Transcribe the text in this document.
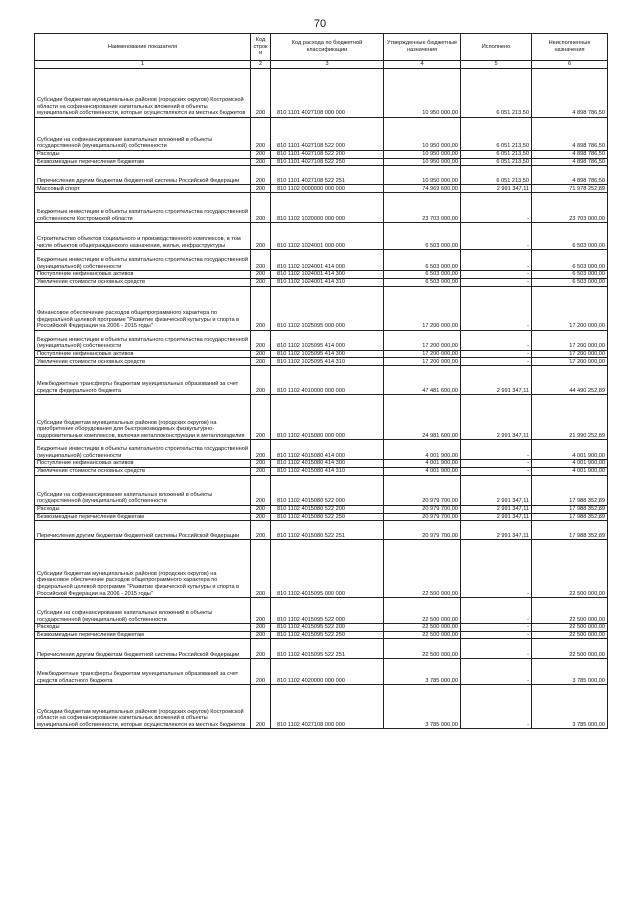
70
Наименование показателя	Код строк и	Код расхода по бюджетной классификации	Утвержденные бюджетные назначения	Исполнено	Неисполненные назначения
1	2	3	4	5	6
Субсидии бюджетам муниципальных районов (городских округов) Костромской области на софинансирование капитальных вложений в объекты муниципальной собственности, которые осуществляются из местных бюджетов	200	810 1101 4027108 000 000	10 950 000,00	6 051 213,50	4 898 786,50
Субсидии на софинансирование капитальных вложений в объекты государственной (муниципальной) собственности	200	810 1101 4027108 522 000	10 950 000,00	6 051 213,50	4 898 786,50
Расходы	200	810 1101 4027108 522 200	10 950 000,00	6 051 213,50	4 898 786,50
Безвозмездные перечисления бюджетам	200	810 1101 4027108 522 250	10 950 000,00	6 051 213,50	4 898 786,50
Перечисления другим бюджетам бюджетной системы Российской Федерации	200	810 1101 4027108 522 251	10 950 000,00	6 051 213,50	4 898 786,50
Массовый спорт	200	810 1102 0000000 000 000	74 969 600,00	2 991 347,11	71 978 252,89
Бюджетные инвестиции в объекты капитального строительства государственной собственности Костромской области	200	810 1102 1020000 000 000	23 703 000,00	-	23 703 000,00
Строительство объектов социального и производственного комплексов, в том числе объектов общегражданского назначения, жилья, инфраструктуры	200	810 1102 1024001 000 000	6 503 000,00	-	6 503 000,00
Бюджетные инвестиции в объекты капитального строительства государственной (муниципальной) собственности	200	810 1102 1024001 414 000	6 503 000,00	-	6 503 000,00
Поступление нефинансовых активов	200	810 1102 1024001 414 300	6 503 000,00	-	6 503 000,00
Увеличение стоимости основных средств	200	810 1102 1024001 414 310	6 503 000,00	-	6 503 000,00
Финансовое обеспечение расходов общепрограммного характера по федеральной целевой программе "Развитие физической культуры и спорта в Российской Федерации на 2006 - 2015 годы"	200	810 1102 1025095 000 000	17 200 000,00	-	17 200 000,00
Бюджетные инвестиции в объекты капитального строительства государственной (муниципальной) собственности	200	810 1102 1025095 414 000	17 200 000,00	-	17 200 000,00
Поступление нефинансовых активов	200	810 1102 1025095 414 300	17 200 000,00	-	17 200 000,00
Увеличение стоимости основных средств	200	810 1102 1025095 414 310	17 200 000,00	-	17 200 000,00
Межбюджетные трансферты бюджетам муниципальных образований за счет средств федерального бюджета	200	810 1102 4010000 000 000	47 481 600,00	2 991 347,11	44 490 252,89
Субсидии бюджетам муниципальных районов (городских округов) на приобретение оборудования для быстровозводимых физкультурно-оздоровительных комплексов, включая металлоконструкции и металлоизделия	200	810 1102 4015080 000 000	24 981 600,00	2 991 347,11	21 990 252,89
Бюджетные инвестиции в объекты капитального строительства государственной (муниципальной) собственности	200	810 1102 4015080 414 000	4 001 900,00	-	4 001 900,00
Поступление нефинансовых активов	200	810 1102 4015080 414 300	4 001 900,00	-	4 001 900,00
Увеличение стоимости основных средств	200	810 1102 4015080 414 310	4 001 900,00	-	4 001 900,00
Субсидии на софинансирование капитальных вложений в объекты государственной (муниципальной) собственности	200	810 1102 4015080 522 000	20 979 700,00	2 991 347,11	17 988 352,89
Расходы	200	810 1102 4015080 522 200	20 979 700,00	2 991 347,11	17 988 352,89
Безвозмездные перечисления бюджетам	200	810 1102 4015080 522 250	20 979 700,00	2 991 347,11	17 988 352,89
Перечисления другим бюджетам бюджетной системы Российской Федерации	200	810 1102 4015080 522 251	20 979 700,00	2 991 347,11	17 988 352,89
Субсидии бюджетам муниципальных районов (городских округов) на финансовое обеспечение расходов общепрограммного характера по федеральной целевой программе "Развитие физической культуры и спорта в Российской Федерации на 2006 - 2015 годы"	200	810 1102 4015095 000 000	22 500 000,00	-	22 500 000,00
Субсидии на софинансирование капитальных вложений в объекты государственной (муниципальной) собственности	200	810 1102 4015095 522 000	22 500 000,00	-	22 500 000,00
Расходы	200	810 1102 4015095 522 200	22 500 000,00	-	22 500 000,00
Безвозмездные перечисления бюджетам	200	810 1102 4015095 522 250	22 500 000,00	-	22 500 000,00
Перечисления другим бюджетам бюджетной системы Российской Федерации	200	810 1102 4015095 522 251	22 500 000,00	-	22 500 000,00
Межбюджетные трансферты бюджетам муниципальных образований за счет средств областного бюджета	200	810 1102 4020000 000 000	3 785 000,00	-	3 785 000,00
Субсидии бюджетам муниципальных районов (городских округов) Костромской области на софинансирование капитальных вложений в объекты муниципальной собственности, которые осуществляются из местных бюджетов	200	810 1102 4027108 000 000	3 785 000,00	-	3 785 000,00
